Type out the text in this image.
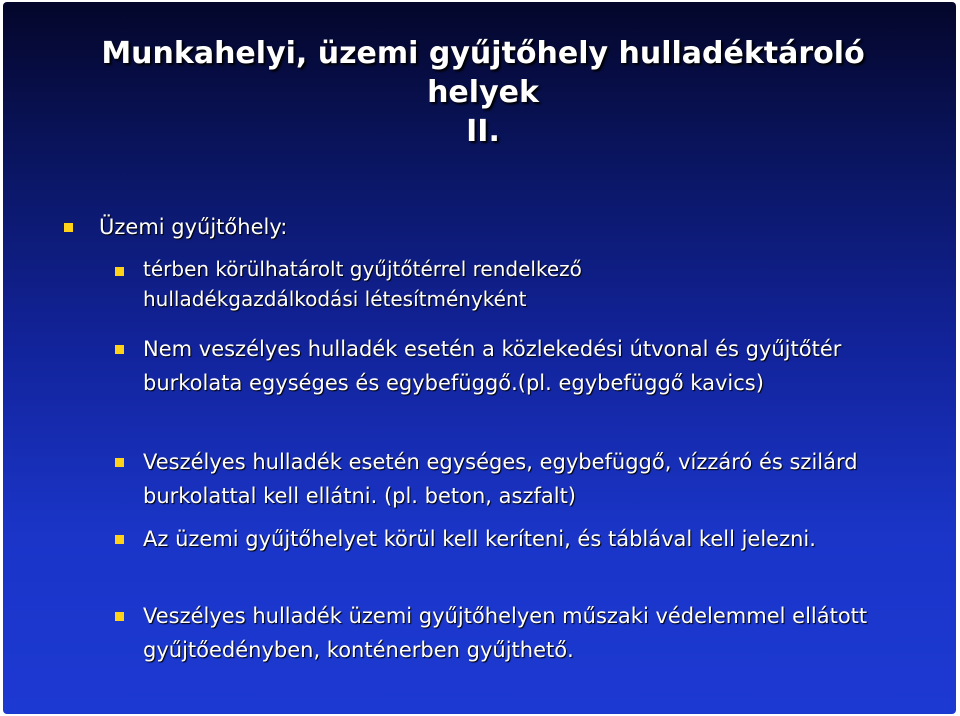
Munkahelyi, üzemi gyűjtőhely hulladéktároló
helyek
II.
Üzemi gyűjtőhely:
térben körülhatárolt gyűjtőtérrel rendelkező hulladékgazdálkodási létesítményként
Nem veszélyes hulladék esetén a közlekedési útvonal és gyűjtőtér burkolata egységes és egybefüggő.(pl. egybefüggő kavics)
Veszélyes hulladék esetén egységes, egybefüggő, vízzáró és szilárd burkolattal kell ellátni. (pl. beton, aszfalt)
Az üzemi gyűjtőhelyet körül kell keríteni, és táblával kell jelezni.
Veszélyes hulladék üzemi gyűjtőhelyen műszaki védelemmel ellátott gyűjtőedényben, konténerben gyűjthető.
